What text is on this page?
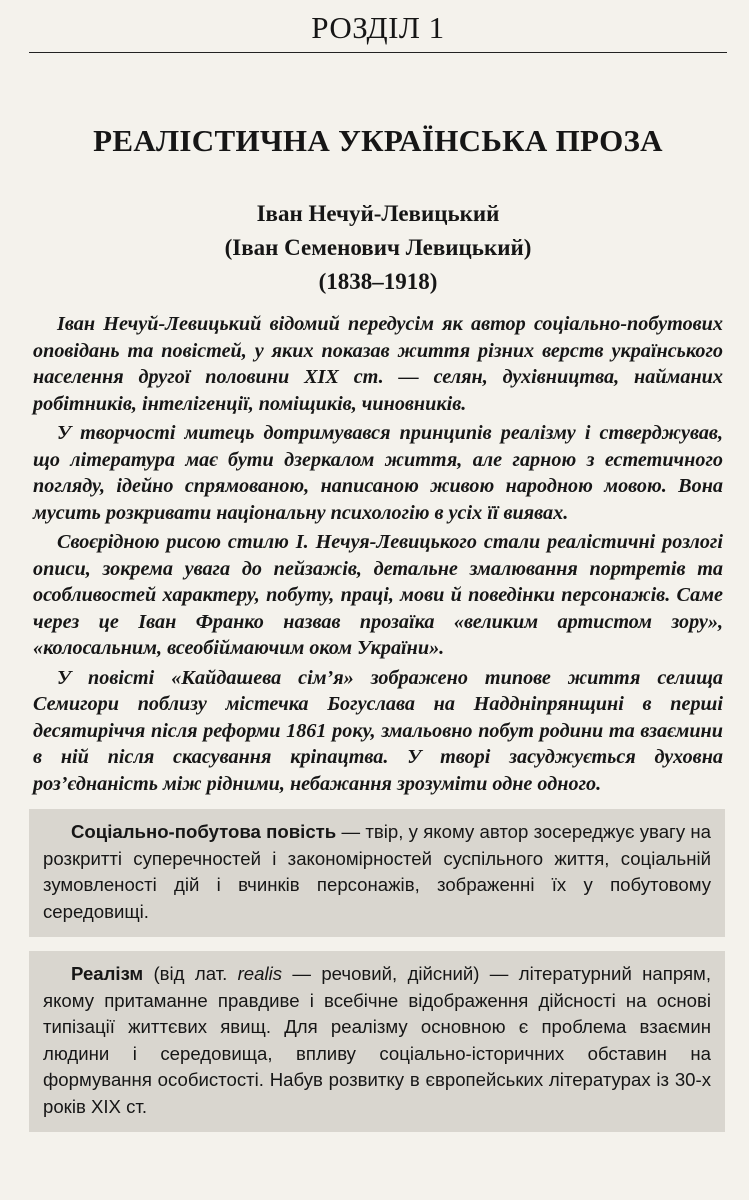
РОЗДІЛ 1
РЕАЛІСТИЧНА УКРАЇНСЬКА ПРОЗА
Іван Нечуй-Левицький
(Іван Семенович Левицький)
(1838–1918)

Іван Нечуй-Левицький відомий передусім як автор соціально-побутових оповідань та повістей, у яких показав життя різних верств українського населення другої половини XIX ст. — селян, духівництва, найманих робітників, інтелігенції, поміщиків, чиновників.

У творчості митець дотримувався принципів реалізму і стверджував, що література має бути дзеркалом життя, але гарною з естетичного погляду, ідейно спрямованою, написаною живою народною мовою. Вона мусить розкривати національну психологію в усіх її виявах.

Своєрідною рисою стилю І. Нечуя-Левицького стали реалістичні розлогі описи, зокрема увага до пейзажів, детальне змалювання портретів та особливостей характеру, побуту, праці, мови й поведінки персонажів. Саме через це Іван Франко назвав прозаїка «великим артистом зору», «колосальним, всеобіймаючим оком України».

У повісті «Кайдашева сім’я» зображено типове життя селища Семигори поблизу містечка Богуслава на Наддніпрянщині в перші десятиріччя після реформи 1861 року, змальовно побут родини та взаємини в ній після скасування кріпацтва. У творі засуджується духовна роз’єднаність між рідними, небажання зрозуміти одне одного.

Соціально-побутова повість — твір, у якому автор зосереджує увагу на розкритті суперечностей і закономірностей суспільного життя, соціальній зумовленості дій і вчинків персонажів, зображенні їх у побутовому середовищі.

Реалізм (від лат. realis — речовий, дійсний) — літературний напрям, якому притаманне правдиве і всебічне відображення дійсності на основі типізації життєвих явищ. Для реалізму основною є проблема взаємин людини і середовища, впливу соціально-історичних обставин на формування особистості. Набув розвитку в європейських літературах із 30-х років XIX ст.
